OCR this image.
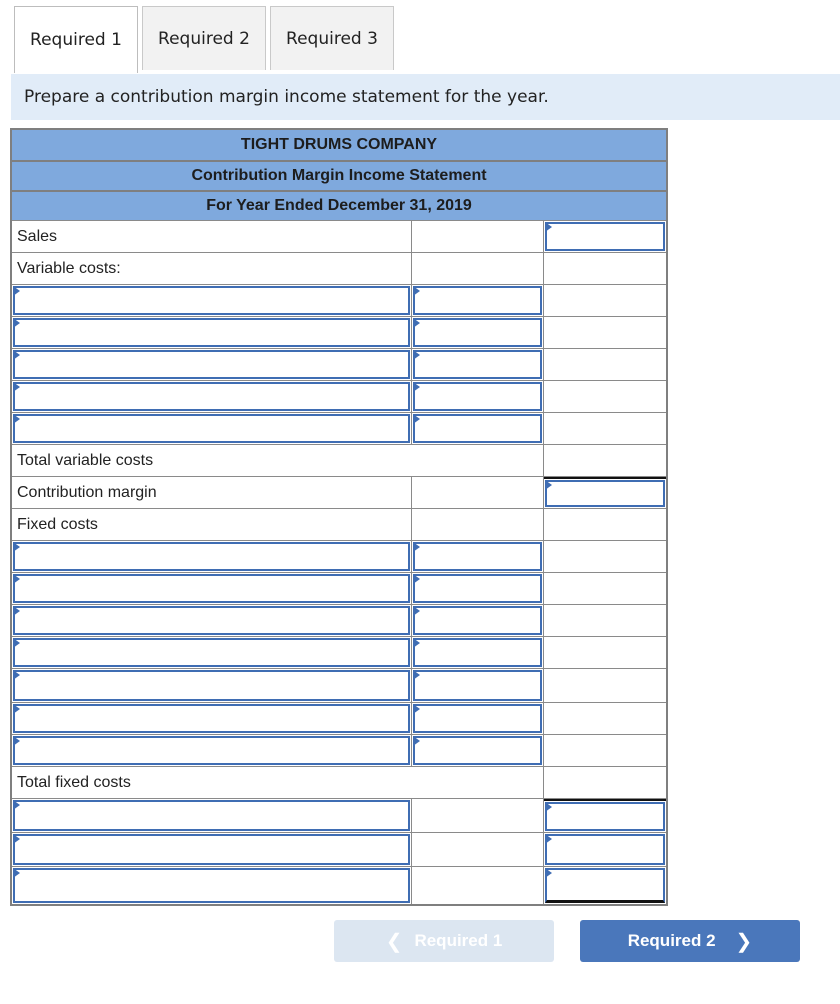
Required 1	Required 2	Required 3
Prepare a contribution margin income statement for the year.
TIGHT DRUMS COMPANY
Contribution Margin Income Statement
For Year Ended December 31, 2019
Sales
Variable costs:
Total variable costs
Contribution margin
Fixed costs
Total fixed costs
❮ Required 1	Required 2 ❯
